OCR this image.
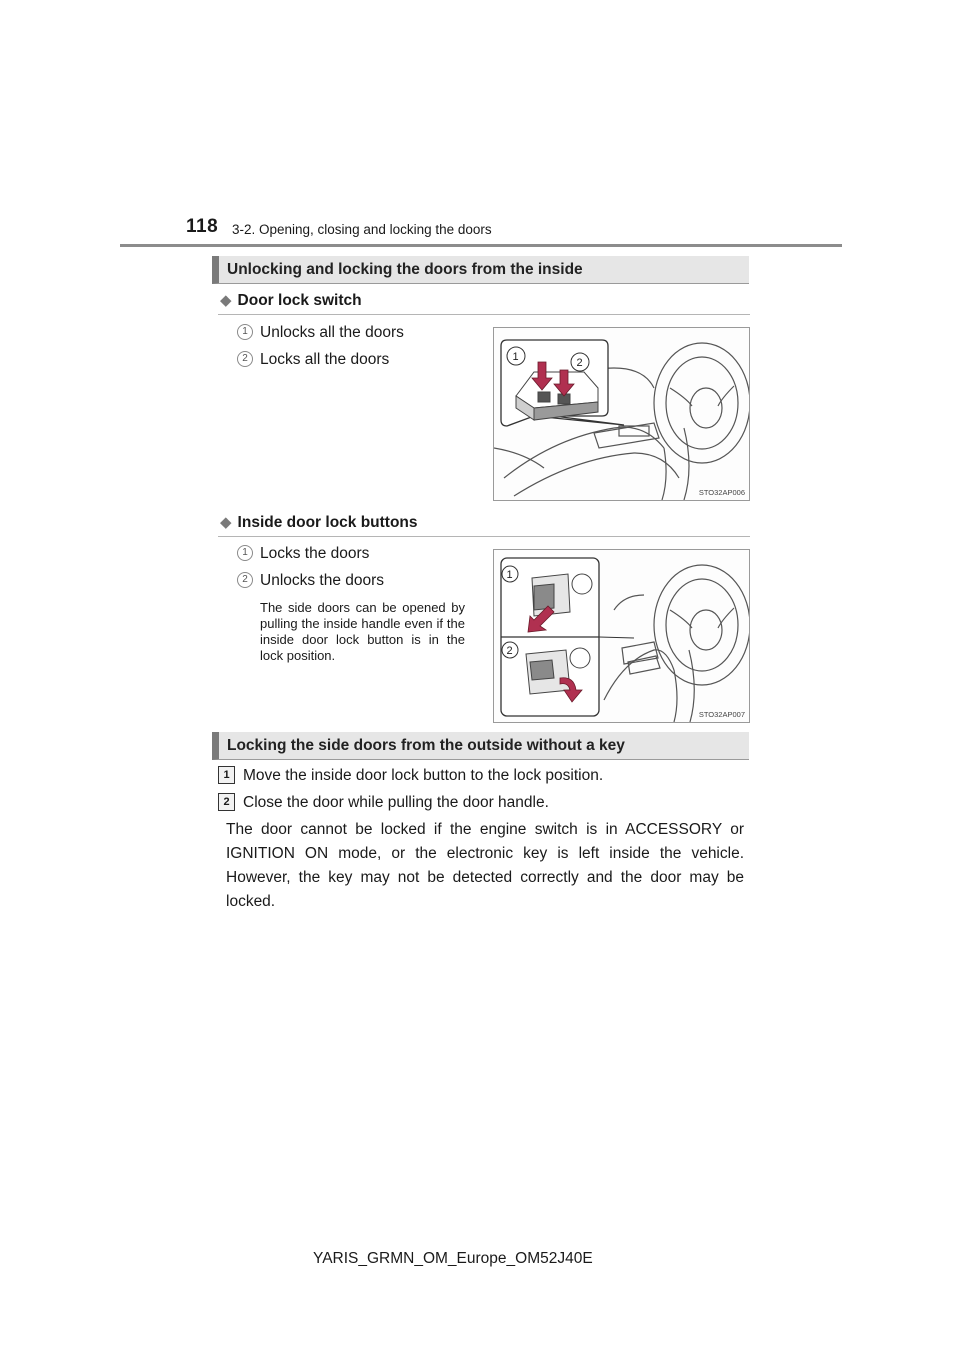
118 3-2. Opening, closing and locking the doors
Unlocking and locking the doors from the inside
◆ Door lock switch
1 Unlocks all the doors
2 Locks all the doors	1	2
STO32AP006
◆ Inside door lock buttons
1 Locks the doors
2 Unlocks the doors
The side doors can be opened by pulling the inside handle even if the inside door lock button is in the lock position.
1
2
STO32AP007
Locking the side doors from the outside without a key
1 Move the inside door lock button to the lock position.
2 Close the door while pulling the door handle.
The door cannot be locked if the engine switch is in ACCESSORY or IGNITION ON mode, or the electronic key is left inside the vehicle. However, the key may not be detected correctly and the door may be locked.
YARIS_GRMN_OM_Europe_OM52J40E
